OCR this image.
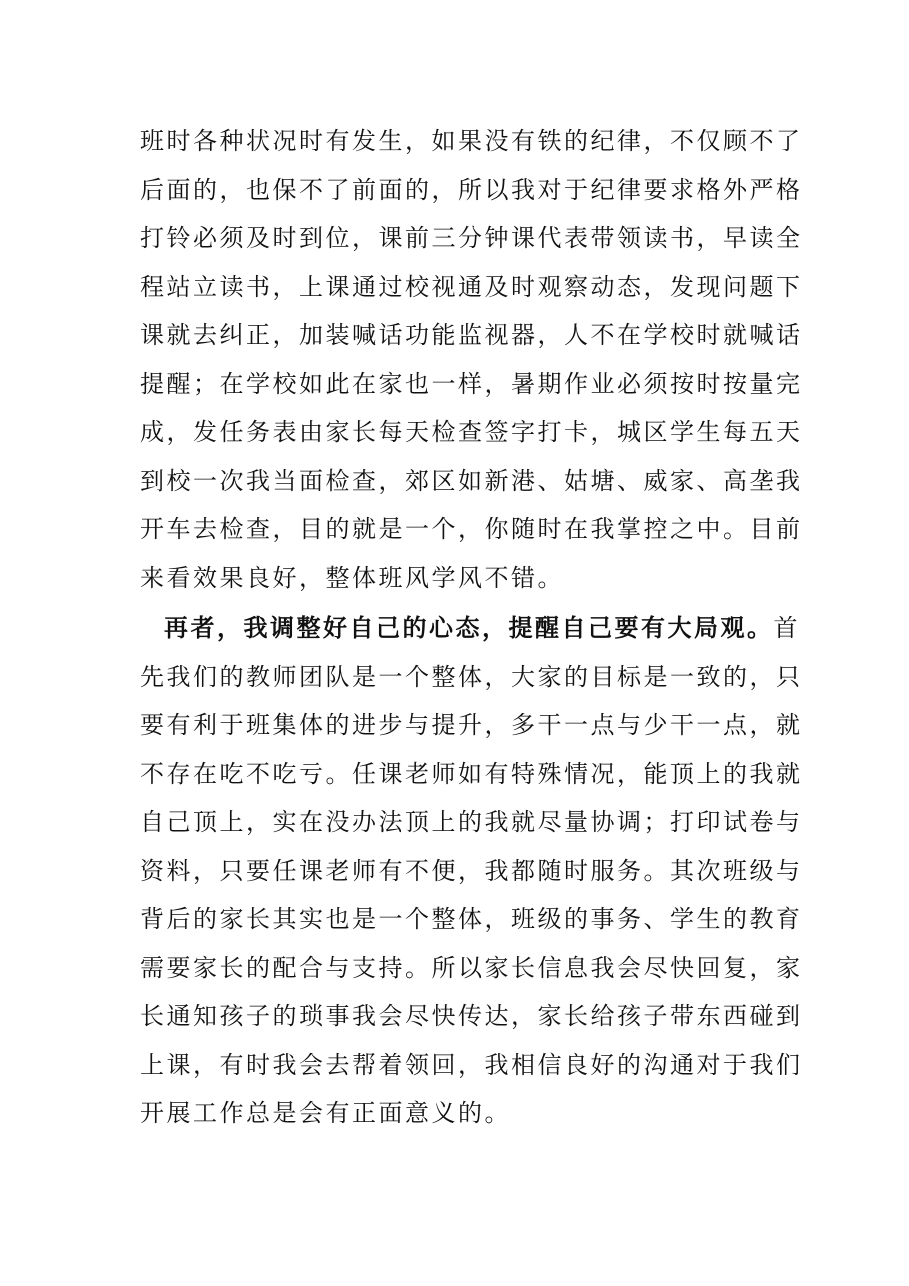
班时各种状况时有发生，如果没有铁的纪律，不仅顾不了
后面的，也保不了前面的，所以我对于纪律要求格外严格
打铃必须及时到位，课前三分钟课代表带领读书，早读全
程站立读书，上课通过校视通及时观察动态，发现问题下
课就去纠正，加装喊话功能监视器，人不在学校时就喊话
提醒；在学校如此在家也一样，暑期作业必须按时按量完
成，发任务表由家长每天检查签字打卡，城区学生每五天
到校一次我当面检查，郊区如新港、姑塘、威家、高垄我
开车去检查，目的就是一个，你随时在我掌控之中。目前
来看效果良好，整体班风学风不错。
再者，我调整好自己的心态，提醒自己要有大局观。首
先我们的教师团队是一个整体，大家的目标是一致的，只
要有利于班集体的进步与提升，多干一点与少干一点，就
不存在吃不吃亏。任课老师如有特殊情况，能顶上的我就
自己顶上，实在没办法顶上的我就尽量协调；打印试卷与
资料，只要任课老师有不便，我都随时服务。其次班级与
背后的家长其实也是一个整体，班级的事务、学生的教育
需要家长的配合与支持。所以家长信息我会尽快回复，家
长通知孩子的琐事我会尽快传达，家长给孩子带东西碰到
上课，有时我会去帮着领回，我相信良好的沟通对于我们
开展工作总是会有正面意义的。
